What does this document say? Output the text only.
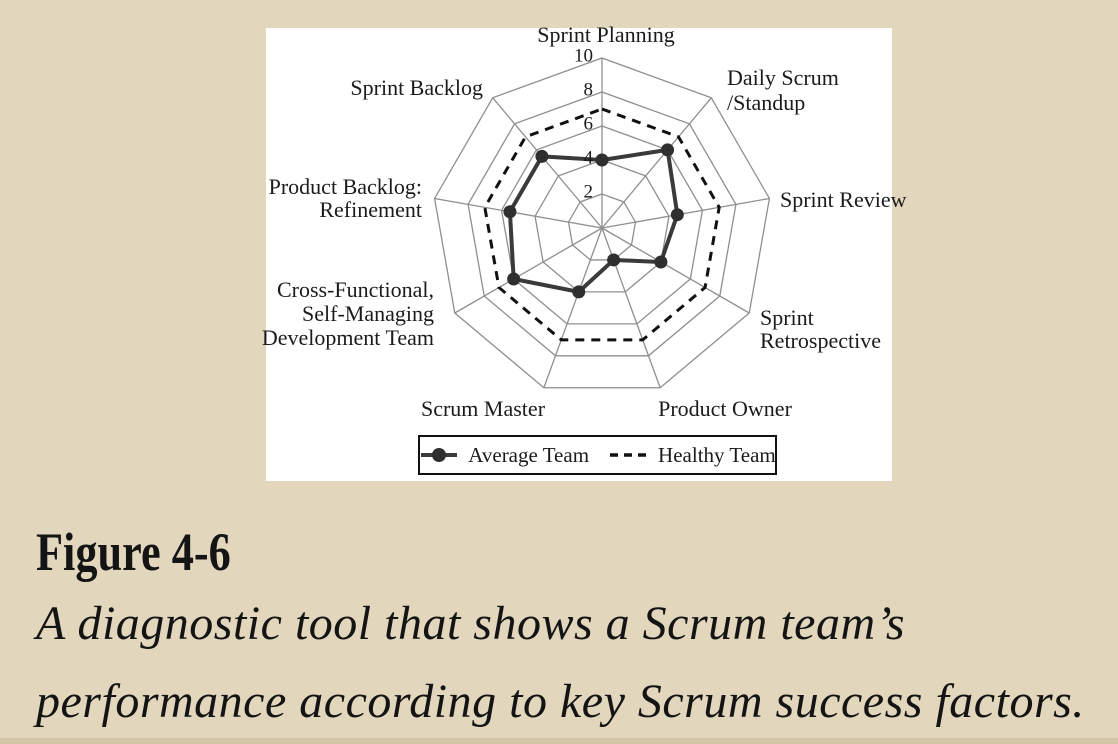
2
4
6
8
10
Sprint Planning
Daily Scrum
/Standup
Sprint Review
Sprint
Retrospective
Product Owner
Scrum Master
Cross-Functional,
Self-Managing
Development Team
Product Backlog:
Refinement
Sprint Backlog
Average Team	Healthy Team
Figure 4-6
A diagnostic tool that shows a Scrum team’s
performance according to key Scrum success factors.
